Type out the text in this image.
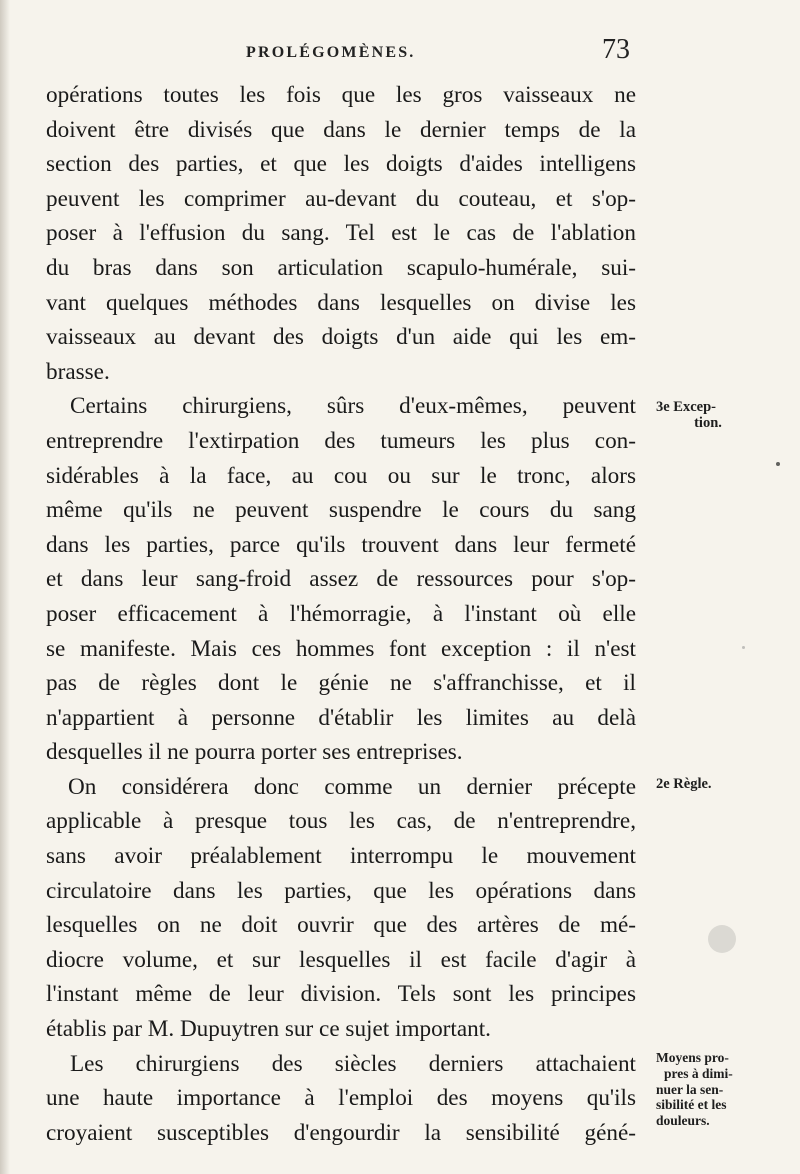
PROLÉGOMÈNES.	73
opérations toutes les fois que les gros vaisseaux ne
doivent être divisés que dans le dernier temps de la
section des parties, et que les doigts d'aides intelligens
peuvent les comprimer au-devant du couteau, et s'op-
poser à l'effusion du sang. Tel est le cas de l'ablation
du bras dans son articulation scapulo-humérale, sui-
vant quelques méthodes dans lesquelles on divise les
vaisseaux au devant des doigts d'un aide qui les em-
brasse.
Certains chirurgiens, sûrs d'eux-mêmes, peuvent
entreprendre l'extirpation des tumeurs les plus con-
sidérables à la face, au cou ou sur le tronc, alors
même qu'ils ne peuvent suspendre le cours du sang
dans les parties, parce qu'ils trouvent dans leur fermeté
et dans leur sang-froid assez de ressources pour s'op-
poser efficacement à l'hémorragie, à l'instant où elle
se manifeste. Mais ces hommes font exception : il n'est
pas de règles dont le génie ne s'affranchisse, et il
n'appartient à personne d'établir les limites au delà
desquelles il ne pourra porter ses entreprises.
On considérera donc comme un dernier précepte
applicable à presque tous les cas, de n'entreprendre,
sans avoir préalablement interrompu le mouvement
circulatoire dans les parties, que les opérations dans
lesquelles on ne doit ouvrir que des artères de mé-
diocre volume, et sur lesquelles il est facile d'agir à
l'instant même de leur division. Tels sont les principes
établis par M. Dupuytren sur ce sujet important.
Les chirurgiens des siècles derniers attachaient
une haute importance à l'emploi des moyens qu'ils
croyaient susceptibles d'engourdir la sensibilité géné-
3e Excep-
tion.
2e Règle.
Moyens pro-
pres à dimi-
nuer la sen-
sibilité et les
douleurs.
